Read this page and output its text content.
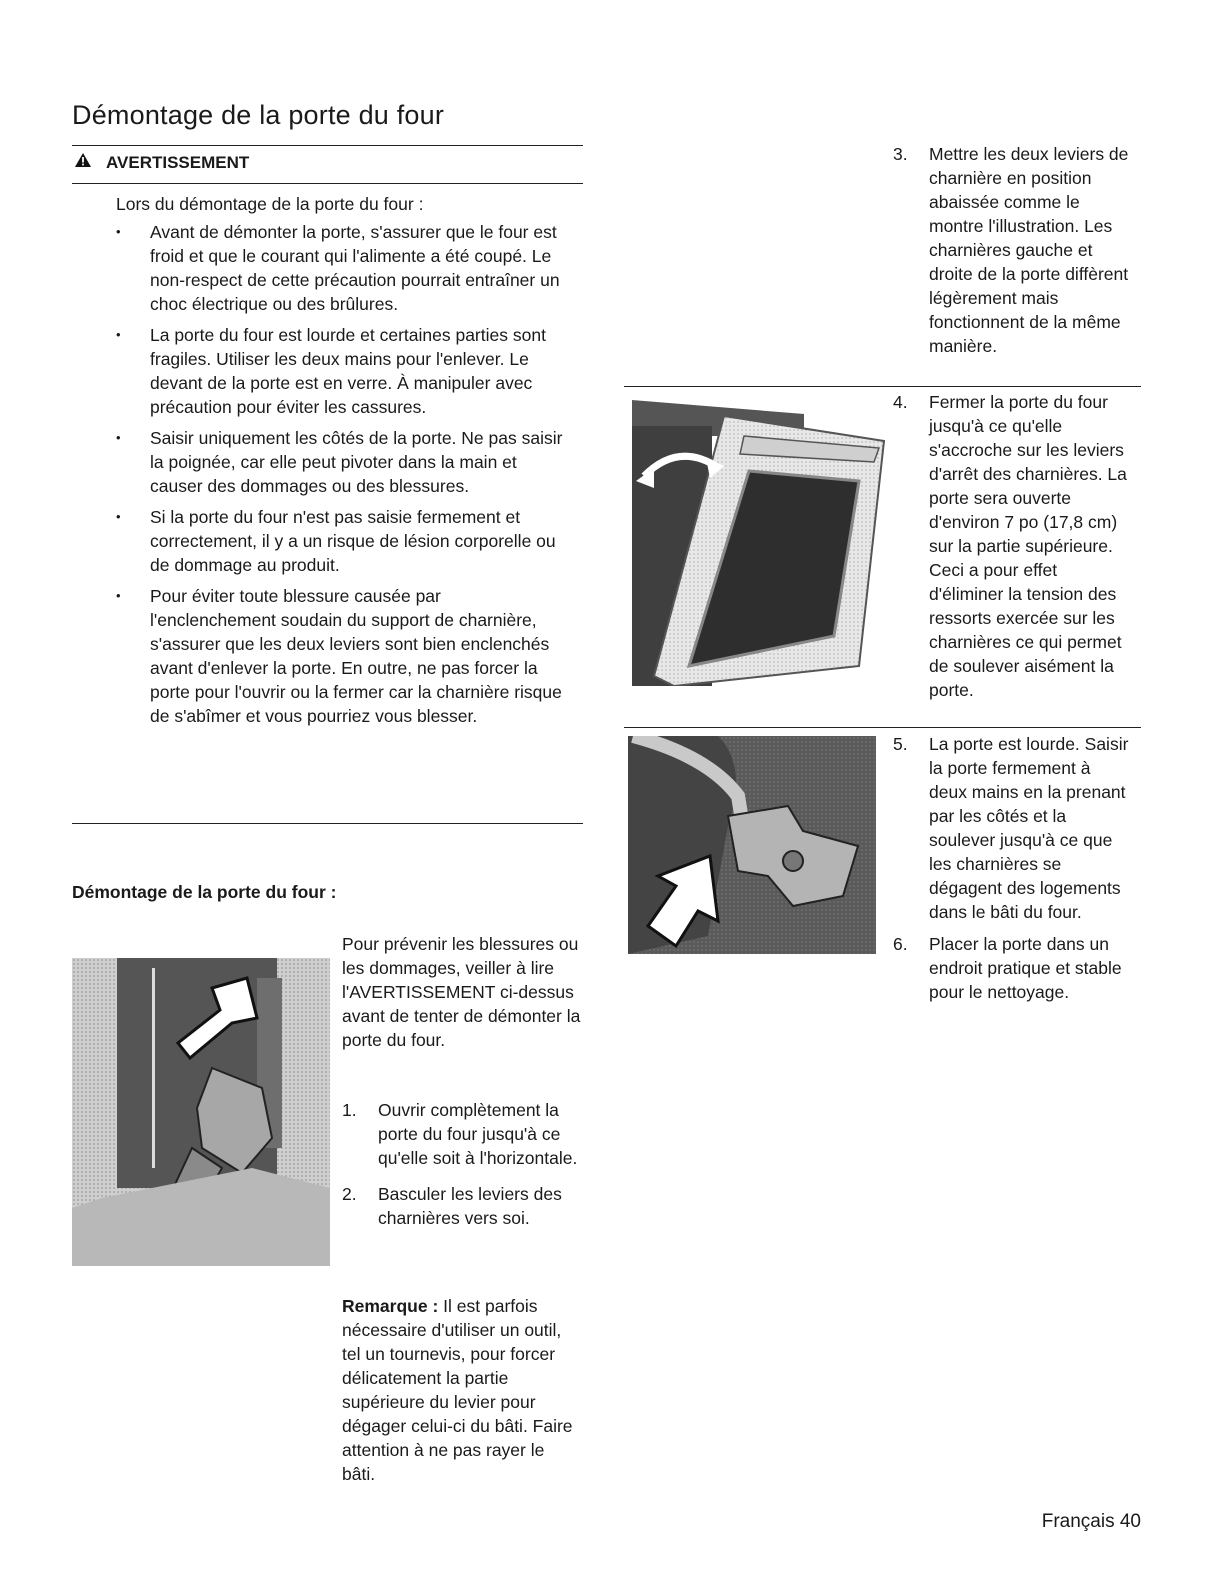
Démontage de la porte du four
AVERTISSEMENT
Lors du démontage de la porte du four :
• Avant de démonter la porte, s'assurer que le four est froid et que le courant qui l'alimente a été coupé. Le non-respect de cette précaution pourrait entraîner un choc électrique ou des brûlures.
• La porte du four est lourde et certaines parties sont fragiles. Utiliser les deux mains pour l'enlever. Le devant de la porte est en verre. À manipuler avec précaution pour éviter les cassures.
• Saisir uniquement les côtés de la porte. Ne pas saisir la poignée, car elle peut pivoter dans la main et causer des dommages ou des blessures.
• Si la porte du four n'est pas saisie fermement et correctement, il y a un risque de lésion corporelle ou de dommage au produit.
• Pour éviter toute blessure causée par l'enclenchement soudain du support de charnière, s'assurer que les deux leviers sont bien enclenchés avant d'enlever la porte. En outre, ne pas forcer la porte pour l'ouvrir ou la fermer car la charnière risque de s'abîmer et vous pourriez vous blesser.
Démontage de la porte du four :
Pour prévenir les blessures ou les dommages, veiller à lire l'AVERTISSEMENT ci-dessus avant de tenter de démonter la porte du four.
1. Ouvrir complètement la porte du four jusqu'à ce qu'elle soit à l'horizontale.
2. Basculer les leviers des charnières vers soi.
Remarque : Il est parfois nécessaire d'utiliser un outil, tel un tournevis, pour forcer délicatement la partie supérieure du levier pour dégager celui-ci du bâti. Faire attention à ne pas rayer le bâti.
3. Mettre les deux leviers de charnière en position abaissée comme le montre l'illustration. Les charnières gauche et droite de la porte diffèrent légèrement mais fonctionnent de la même manière.
4. Fermer la porte du four jusqu'à ce qu'elle s'accroche sur les leviers d'arrêt des charnières. La porte sera ouverte d'environ 7 po (17,8 cm) sur la partie supérieure. Ceci a pour effet d'éliminer la tension des ressorts exercée sur les charnières ce qui permet de soulever aisément la porte.
5. La porte est lourde. Saisir la porte fermement à deux mains en la prenant par les côtés et la soulever jusqu'à ce que les charnières se dégagent des logements dans le bâti du four.
6. Placer la porte dans un endroit pratique et stable pour le nettoyage.
Français 40
